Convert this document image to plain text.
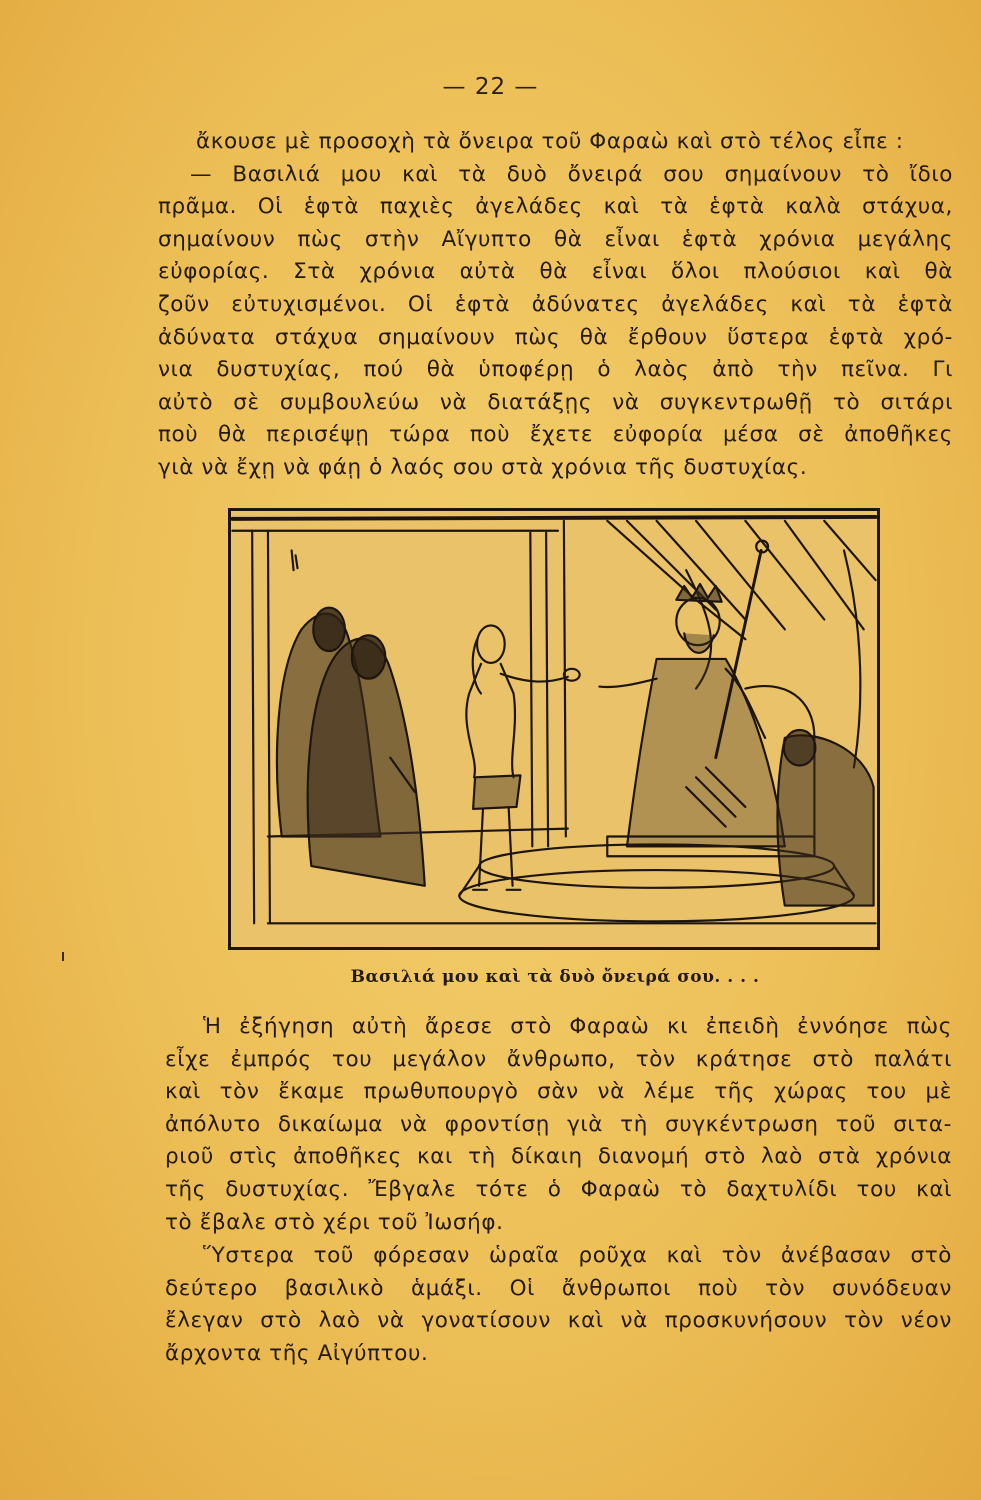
— 22 —

ἄκουσε μὲ προσοχὴ τὰ ὄνειρα τοῦ Φαραὼ καὶ στὸ τέλος εἶπε :
— Βασιλιά μου καὶ τὰ δυὸ ὄνειρά σου σημαίνουν τὸ ἴδιο
πρᾶμα. Οἱ ἑφτὰ παχιὲς ἀγελάδες καὶ τὰ ἑφτὰ καλὰ στάχυα,
σημαίνουν πὼς στὴν Αἴγυπτο θὰ εἶναι ἑφτὰ χρόνια μεγάλης
εὐφορίας. Στὰ χρόνια αὐτὰ θὰ εἶναι ὅλοι πλούσιοι καὶ θὰ
ζοῦν εὐτυχισμένοι. Οἱ ἑφτὰ ἀδύνατες ἀγελάδες καὶ τὰ ἑφτὰ
ἀδύνατα στάχυα σημαίνουν πὼς θὰ ἔρθουν ὕστερα ἑφτὰ χρό-
νια δυστυχίας, πού θὰ ὑποφέρῃ ὁ λαὸς ἀπὸ τὴν πεῖνα. Γι
αὐτὸ σὲ συμβουλεύω νὰ διατάξῃς νὰ συγκεντρωθῇ τὸ σιτάρι
ποὺ θὰ περισέψῃ τώρα ποὺ ἔχετε εὐφορία μέσα σὲ ἀποθῆκες
γιὰ νὰ ἔχῃ νὰ φάῃ ὁ λαός σου στὰ χρόνια τῆς δυστυχίας.

Βασιλιά μου καὶ τὰ δυὸ ὄνειρά σου. . . .

Ἡ ἐξήγηση αὐτὴ ἄρεσε στὸ Φαραὼ κι ἐπειδὴ ἐννόησε πὼς
εἶχε ἐμπρός του μεγάλον ἄνθρωπο, τὸν κράτησε στὸ παλάτι
καὶ τὸν ἔκαμε πρωθυπουργὸ σὰν νὰ λέμε τῆς χώρας του μὲ
ἀπόλυτο δικαίωμα νὰ φροντίσῃ γιὰ τὴ συγκέντρωση τοῦ σιτα-
ριοῦ στὶς ἀποθῆκες και τὴ δίκαιη διανομή στὸ λαὸ στὰ χρόνια
τῆς δυστυχίας. Ἔβγαλε τότε ὁ Φαραὼ τὸ δαχτυλίδι του καὶ
τὸ ἔβαλε στὸ χέρι τοῦ Ἰωσήφ.

Ὕστερα τοῦ φόρεσαν ὡραῖα ροῦχα καὶ τὸν ἀνέβασαν στὸ
δεύτερο βασιλικὸ ἁμάξι. Οἱ ἄνθρωποι ποὺ τὸν συνόδευαν
ἔλεγαν στὸ λαὸ νὰ γονατίσουν καὶ νὰ προσκυνήσουν τὸν νέον
ἄρχοντα τῆς Αἰγύπτου.
